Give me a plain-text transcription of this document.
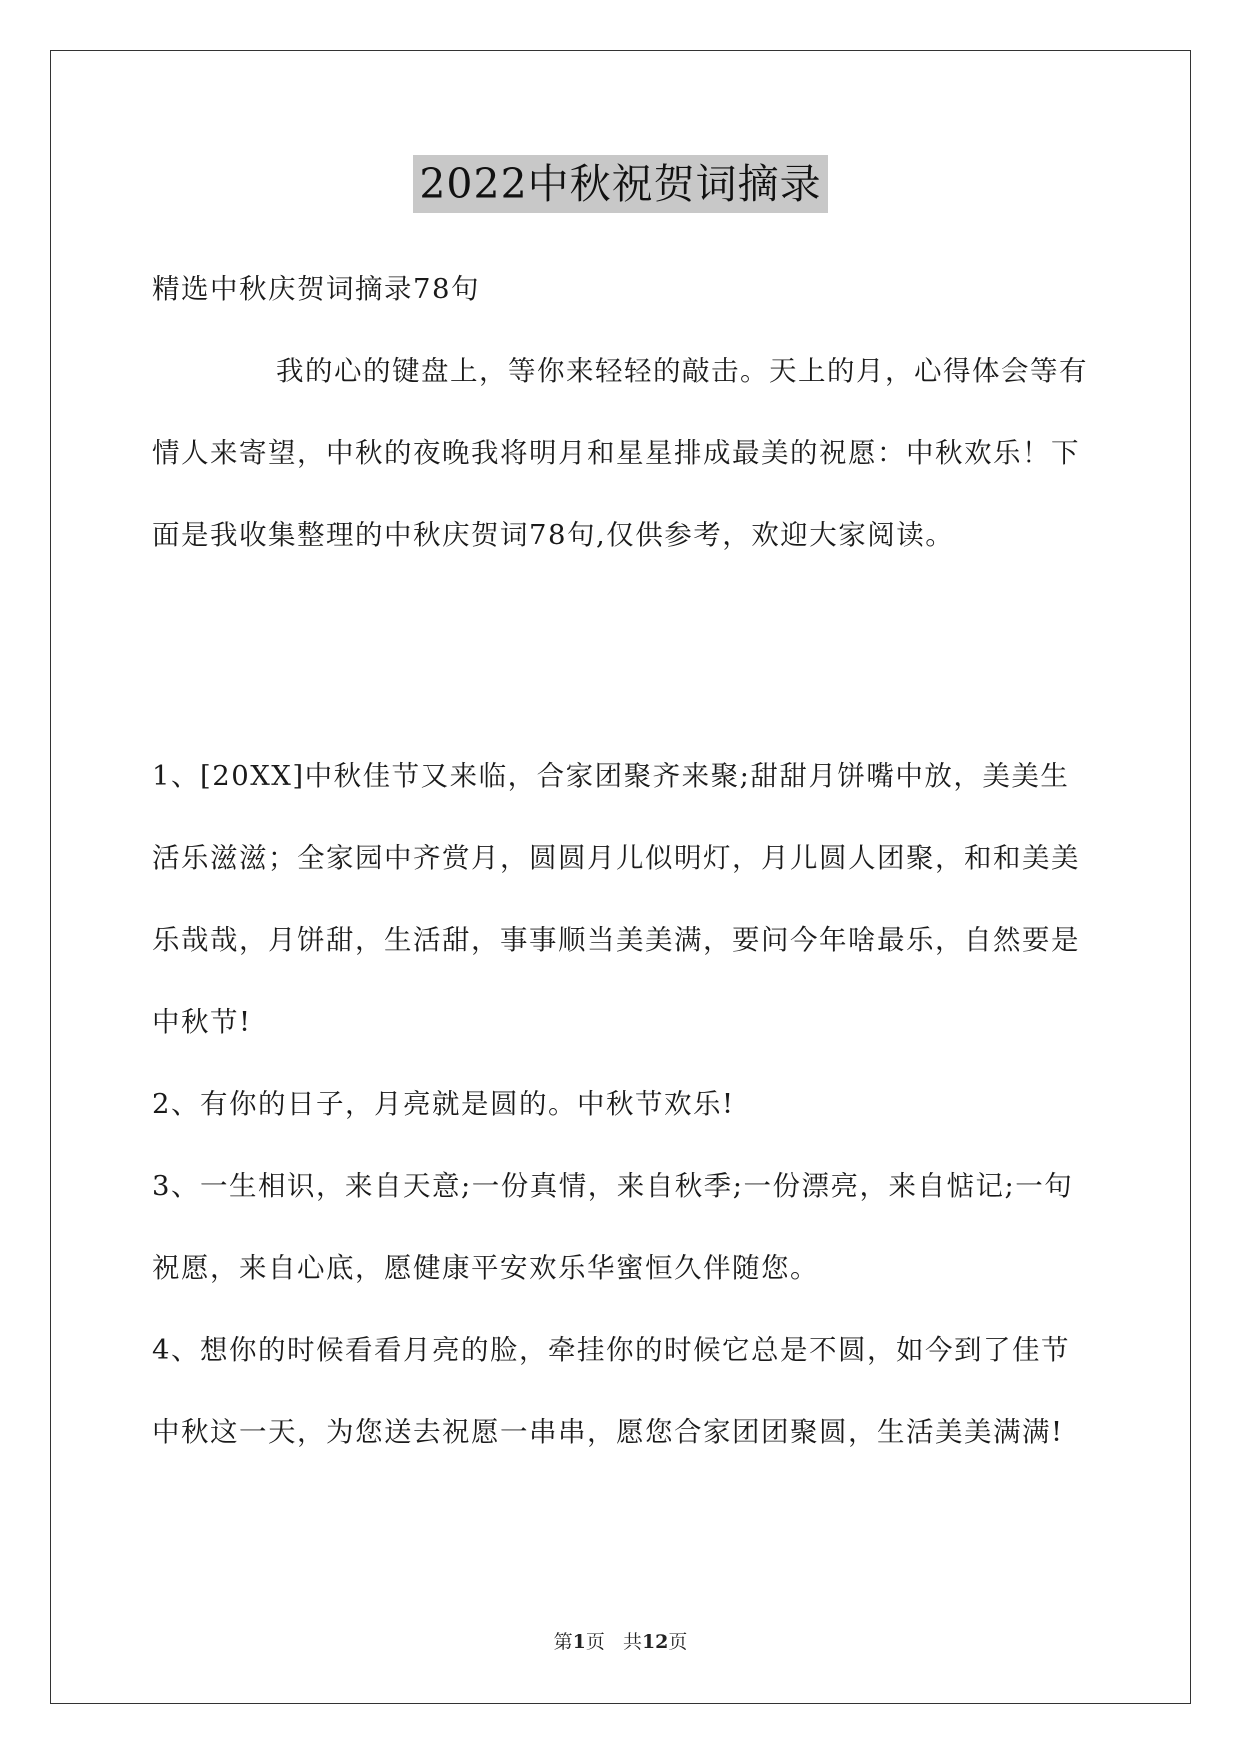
2022中秋祝贺词摘录

精选中秋庆贺词摘录78句

我的心的键盘上，等你来轻轻的敲击。天上的月，心得体会等有情人来寄望，中秋的夜晚我将明月和星星排成最美的祝愿：中秋欢乐！下面是我收集整理的中秋庆贺词78句,仅供参考，欢迎大家阅读。

1、[20XX]中秋佳节又来临，合家团聚齐来聚;甜甜月饼嘴中放，美美生活乐滋滋；全家园中齐赏月，圆圆月儿似明灯，月儿圆人团聚，和和美美乐哉哉，月饼甜，生活甜，事事顺当美美满，要问今年啥最乐，自然要是中秋节!

2、有你的日子，月亮就是圆的。中秋节欢乐!

3、一生相识，来自天意;一份真情，来自秋季;一份漂亮，来自惦记;一句祝愿，来自心底，愿健康平安欢乐华蜜恒久伴随您。

4、想你的时候看看月亮的脸，牵挂你的时候它总是不圆，如今到了佳节中秋这一天，为您送去祝愿一串串，愿您合家团团聚圆，生活美美满满!

第1页   共12页
